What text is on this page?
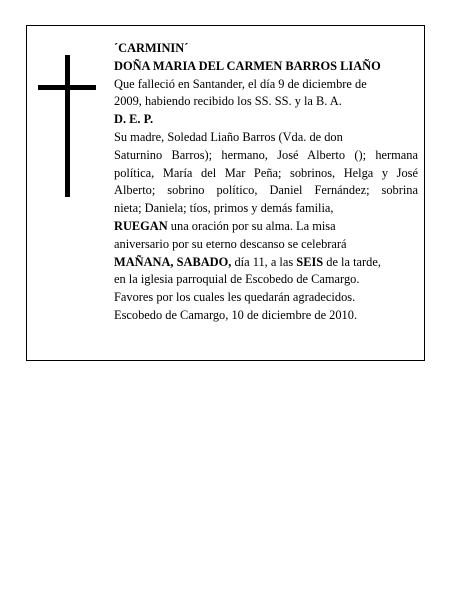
´CARMININ´
DOÑA MARIA DEL CARMEN BARROS LIAÑO
Que falleció en Santander, el día 9 de diciembre de
2009, habiendo recibido los SS. SS. y la B. A.
D. E. P.
Su madre, Soledad Liaño Barros (Vda. de don
Saturnino Barros); hermano, José Alberto (); hermana
política, María del Mar Peña; sobrinos, Helga y José
Alberto; sobrino político, Daniel Fernández; sobrina
nieta; Daniela; tíos, primos y demás familia,
RUEGAN una oración por su alma. La misa
aniversario por su eterno descanso se celebrará
MAÑANA, SABADO, día 11, a las SEIS de la tarde,
en la iglesia parroquial de Escobedo de Camargo.
Favores por los cuales les quedarán agradecidos.
Escobedo de Camargo, 10 de diciembre de 2010.
